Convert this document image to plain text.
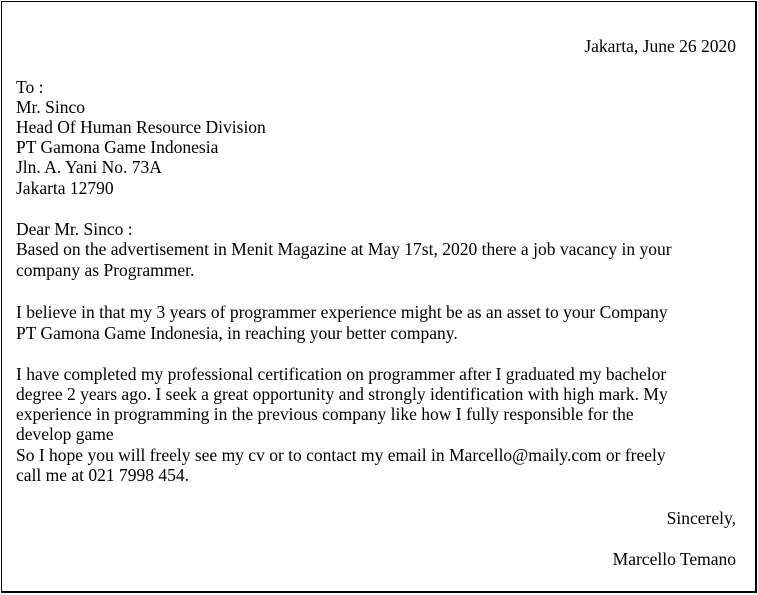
Jakarta, June 26 2020
To :
Mr. Sinco
Head Of Human Resource Division
PT Gamona Game Indonesia
Jln. A. Yani No. 73A
Jakarta 12790
Dear Mr. Sinco :
Based on the advertisement in Menit Magazine at May 17st, 2020 there a job vacancy in your
company as Programmer.
I believe in that my 3 years of programmer experience might be as an asset to your Company
PT Gamona Game Indonesia, in reaching your better company.
I have completed my professional certification on programmer after I graduated my bachelor
degree 2 years ago. I seek a great opportunity and strongly identification with high mark. My
experience in programming in the previous company like how I fully responsible for the
develop game
So I hope you will freely see my cv or to contact my email in Marcello@maily.com or freely
call me at 021 7998 454.
Sincerely,
Marcello Temano
